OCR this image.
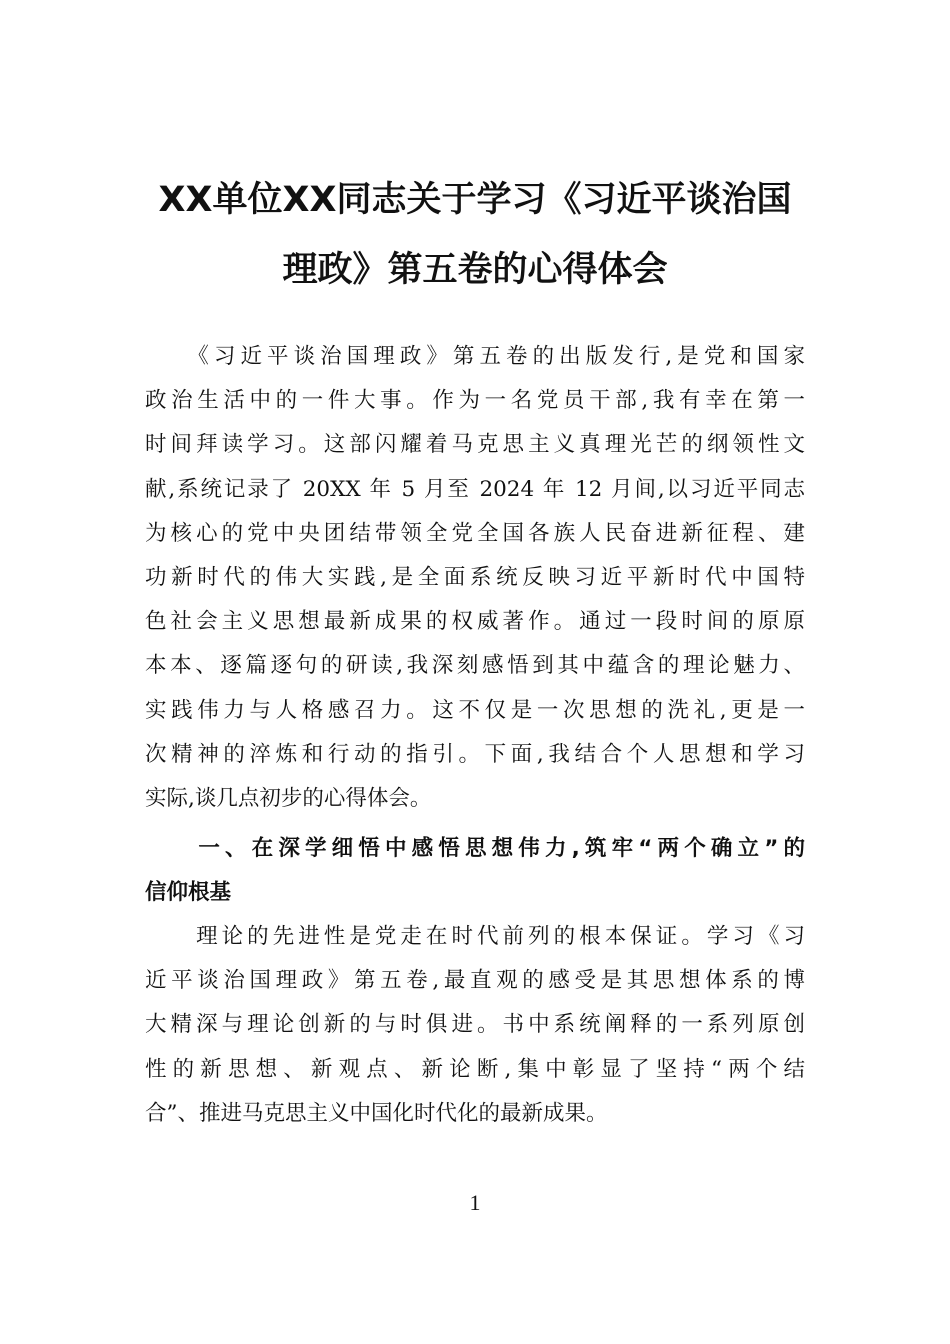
XX单位XX同志关于学习《习近平谈治国
理政》第五卷的心得体会
　　《习近平谈治国理政》第五卷的出版发行,是党和国家
政治生活中的一件大事。作为一名党员干部,我有幸在第一
时间拜读学习。这部闪耀着马克思主义真理光芒的纲领性文
献,系统记录了 20XX 年 5 月至 2024 年 12 月间,以习近平同志
为核心的党中央团结带领全党全国各族人民奋进新征程、建
功新时代的伟大实践,是全面系统反映习近平新时代中国特
色社会主义思想最新成果的权威著作。通过一段时间的原原
本本、逐篇逐句的研读,我深刻感悟到其中蕴含的理论魅力、
实践伟力与人格感召力。这不仅是一次思想的洗礼,更是一
次精神的淬炼和行动的指引。下面,我结合个人思想和学习
实际,谈几点初步的心得体会。
　　一、在深学细悟中感悟思想伟力,筑牢“两个确立”的
信仰根基
　　理论的先进性是党走在时代前列的根本保证。学习《习
近平谈治国理政》第五卷,最直观的感受是其思想体系的博
大精深与理论创新的与时俱进。书中系统阐释的一系列原创
性的新思想、新观点、新论断,集中彰显了坚持“两个结
合”、推进马克思主义中国化时代化的最新成果。
1
